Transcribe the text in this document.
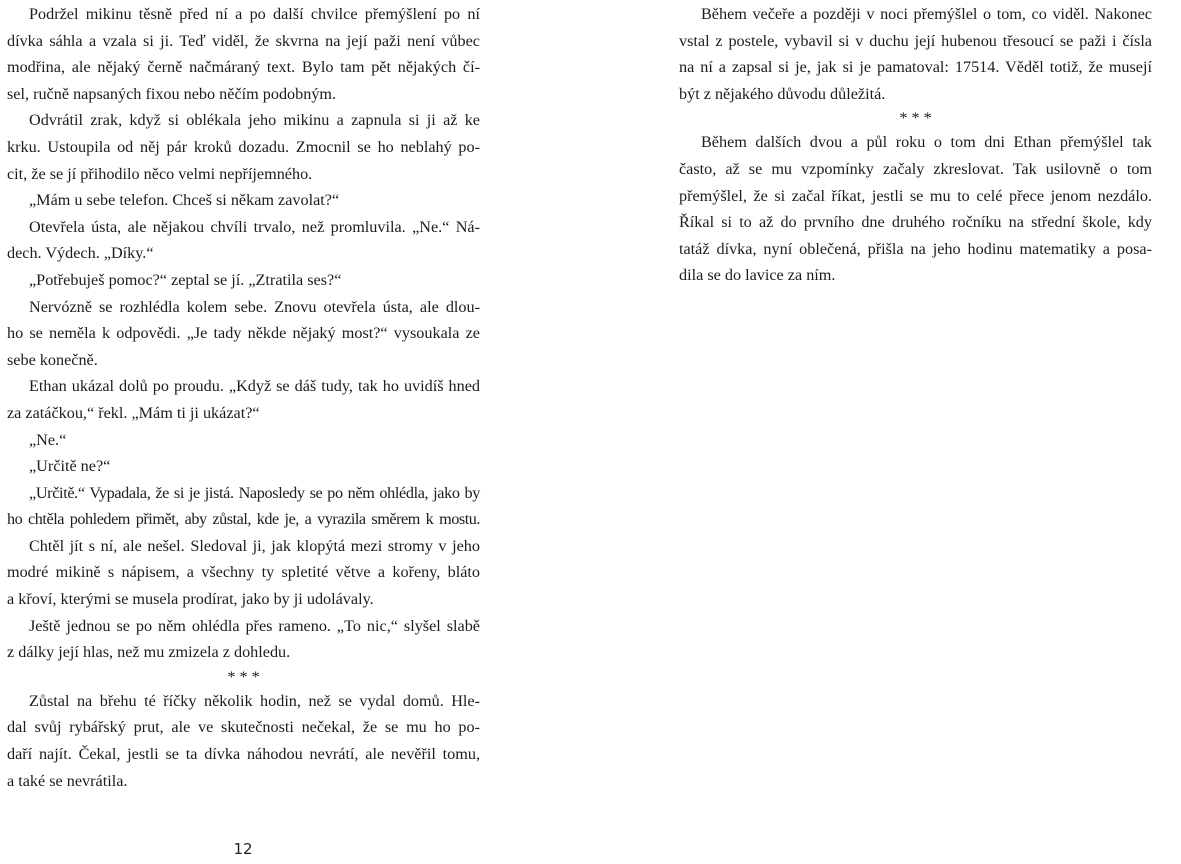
Podržel mikinu těsně před ní a po další chvilce přemýšlení po ní
dívka sáhla a vzala si ji. Teď viděl, že skvrna na její paži není vůbec
modřina, ale nějaký černě načmáraný text. Bylo tam pět nějakých čí-
sel, ručně napsaných fixou nebo něčím podobným.
Odvrátil zrak, když si oblékala jeho mikinu a zapnula si ji až ke
krku. Ustoupila od něj pár kroků dozadu. Zmocnil se ho neblahý po-
cit, že se jí přihodilo něco velmi nepříjemného.
„Mám u sebe telefon. Chceš si někam zavolat?“
Otevřela ústa, ale nějakou chvíli trvalo, než promluvila. „Ne.“ Ná-
dech. Výdech. „Díky.“
„Potřebuješ pomoc?“ zeptal se jí. „Ztratila ses?“
Nervózně se rozhlédla kolem sebe. Znovu otevřela ústa, ale dlou-
ho se neměla k odpovědi. „Je tady někde nějaký most?“ vysoukala ze
sebe konečně.
Ethan ukázal dolů po proudu. „Když se dáš tudy, tak ho uvidíš hned
za zatáčkou,“ řekl. „Mám ti ji ukázat?“
„Ne.“
„Určitě ne?“
„Určitě.“ Vypadala, že si je jistá. Naposledy se po něm ohlédla, jako by
ho chtěla pohledem přimět, aby zůstal, kde je, a vyrazila směrem k mostu.
Chtěl jít s ní, ale nešel. Sledoval ji, jak klopýtá mezi stromy v jeho
modré mikině s nápisem, a všechny ty spletité větve a kořeny, bláto
a křoví, kterými se musela prodírat, jako by ji udolávaly.
Ještě jednou se po něm ohlédla přes rameno. „To nic,“ slyšel slabě
z dálky její hlas, než mu zmizela z dohledu.
* * *
Zůstal na břehu té říčky několik hodin, než se vydal domů. Hle-
dal svůj rybářský prut, ale ve skutečnosti nečekal, že se mu ho po-
daří najít. Čekal, jestli se ta dívka náhodou nevrátí, ale nevěřil tomu,
a také se nevrátila.
12
Během večeře a později v noci přemýšlel o tom, co viděl. Nakonec
vstal z postele, vybavil si v duchu její hubenou třesoucí se paži i čísla
na ní a zapsal si je, jak si je pamatoval: 17514. Věděl totiž, že musejí
být z nějakého důvodu důležitá.
* * *
Během dalších dvou a půl roku o tom dni Ethan přemýšlel tak
často, až se mu vzpomínky začaly zkreslovat. Tak usilovně o tom
přemýšlel, že si začal říkat, jestli se mu to celé přece jenom nezdálo.
Říkal si to až do prvního dne druhého ročníku na střední škole, kdy
tatáž dívka, nyní oblečená, přišla na jeho hodinu matematiky a posa-
dila se do lavice za ním.
